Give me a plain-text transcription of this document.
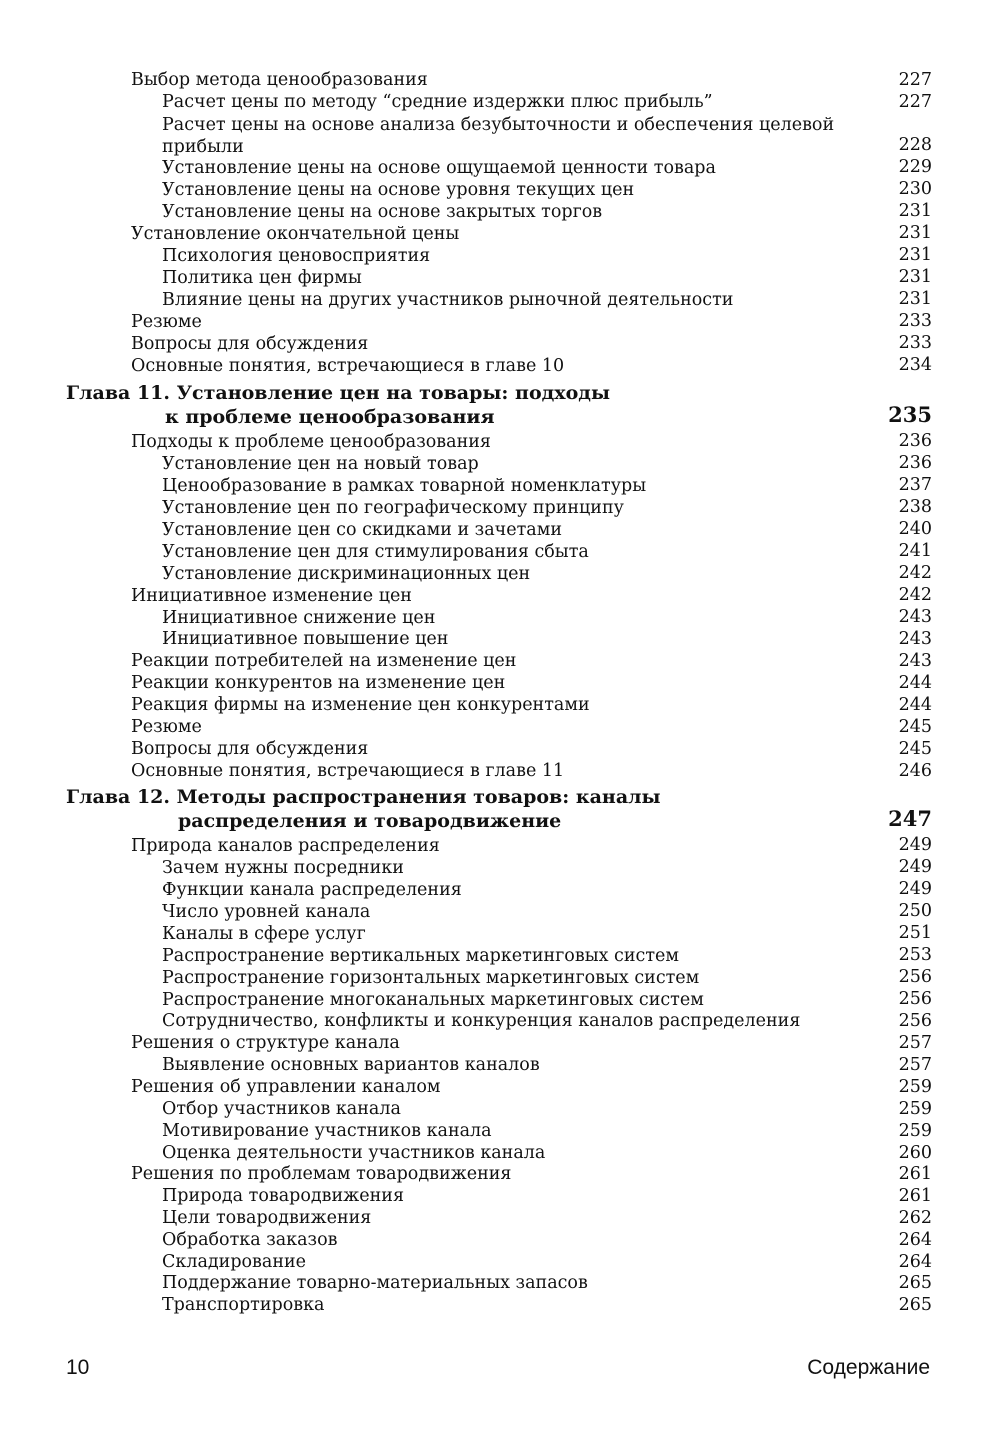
Выбор метода ценообразования	227
Расчет цены по методу “средние издержки плюс прибыль”	227
Расчет цены на основе анализа безубыточности и обеспечения целевой
прибыли	228
Установление цены на основе ощущаемой ценности товара	229
Установление цены на основе уровня текущих цен	230
Установление цены на основе закрытых торгов	231
Установление окончательной цены	231
Психология ценовосприятия	231
Политика цен фирмы	231
Влияние цены на других участников рыночной деятельности	231
Резюме	233
Вопросы для обсуждения	233
Основные понятия, встречающиеся в главе 10	234
Глава 11. Установление цен на товары: подходы
к проблеме ценообразования	235
Подходы к проблеме ценообразования	236
Установление цен на новый товар	236
Ценообразование в рамках товарной номенклатуры	237
Установление цен по географическому принципу	238
Установление цен со скидками и зачетами	240
Установление цен для стимулирования сбыта	241
Установление дискриминационных цен	242
Инициативное изменение цен	242
Инициативное снижение цен	243
Инициативное повышение цен	243
Реакции потребителей на изменение цен	243
Реакции конкурентов на изменение цен	244
Реакция фирмы на изменение цен конкурентами	244
Резюме	245
Вопросы для обсуждения	245
Основные понятия, встречающиеся в главе 11	246
Глава 12. Методы распространения товаров: каналы
распределения и товародвижение	247
Природа каналов распределения	249
Зачем нужны посредники	249
Функции канала распределения	249
Число уровней канала	250
Каналы в сфере услуг	251
Распространение вертикальных маркетинговых систем	253
Распространение горизонтальных маркетинговых систем	256
Распространение многоканальных маркетинговых систем	256
Сотрудничество, конфликты и конкуренция каналов распределения	256
Решения о структуре канала	257
Выявление основных вариантов каналов	257
Решения об управлении каналом	259
Отбор участников канала	259
Мотивирование участников канала	259
Оценка деятельности участников канала	260
Решения по проблемам товародвижения	261
Природа товародвижения	261
Цели товародвижения	262
Обработка заказов	264
Складирование	264
Поддержание товарно-материальных запасов	265
Транспортировка	265
10	Содержание
